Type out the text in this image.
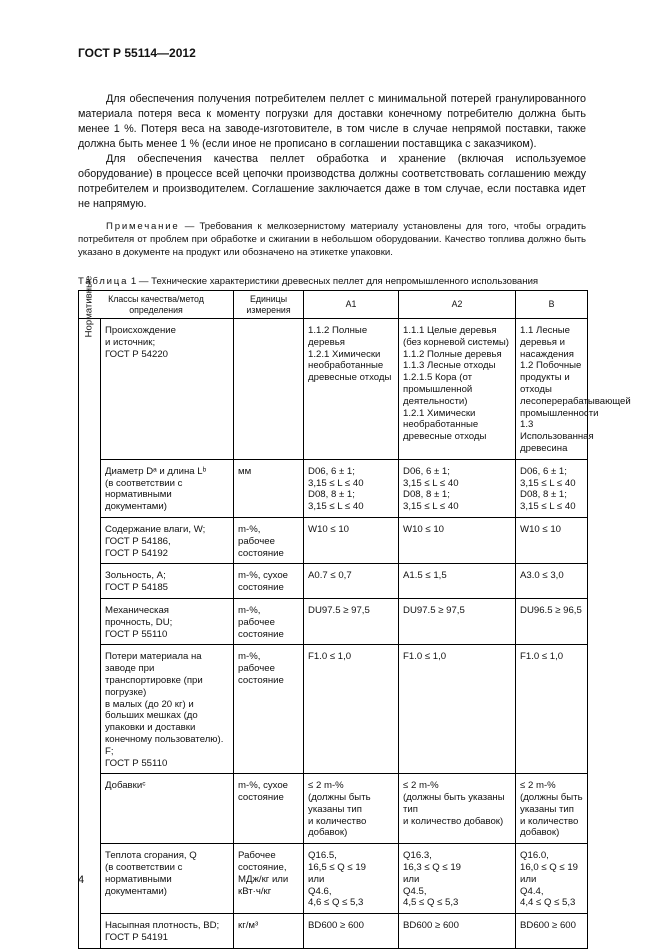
ГОСТ Р 55114—2012

Для обеспечения получения потребителем пеллет с минимальной потерей гранулированного материала потеря веса к моменту погрузки для доставки конечному потребителю должна быть менее 1 %. Потеря веса на заводе-изготовителе, в том числе в случае непрямой поставки, также должна быть менее 1 % (если иное не прописано в соглашении поставщика с заказчиком).

Для обеспечения качества пеллет обработка и хранение (включая используемое оборудование) в процессе всей цепочки производства должны соответствовать соглашению между потребителем и производителем. Соглашение заключается даже в том случае, если поставка идет не напрямую.

Примечание — Требования к мелкозернистому материалу установлены для того, чтобы оградить потребителя от проблем при обработке и сжигании в небольшом оборудовании. Качество топлива должно быть указано в документе на продукт или обозначено на этикетке упаковки.

Таблица 1 — Технические характеристики древесных пеллет для непромышленного использования
Классы качества/метод определения		Единицы измерения	А1	А2	В

Нормативные	Происхождение
и источник;
ГОСТ Р 54220		1.1.2 Полные деревья
1.2.1 Химически необработанные древесные отходы	1.1.1 Целые деревья (без корневой системы)
1.1.2 Полные деревья
1.1.3 Лесные отходы
1.2.1.5 Кора (от промышленной деятельности)
1.2.1 Химически необработанные древесные отходы	1.1 Лесные деревья и насаждения
1.2 Побочные продукты и отходы лесоперерабатывающей промышленности
1.3 Использованная древесина
	Диаметр Dᵃ и длина Lᵇ
(в соответствии с нормативными документами)	мм	D06, 6 ± 1;
3,15 ≤ L ≤ 40
D08, 8 ± 1;
3,15 ≤ L ≤ 40	D06, 6 ± 1;
3,15 ≤ L ≤ 40
D08, 8 ± 1;
3,15 ≤ L ≤ 40	D06, 6 ± 1;
3,15 ≤ L ≤ 40
D08, 8 ± 1;
3,15 ≤ L ≤ 40
	Содержание влаги, W;
ГОСТ Р 54186,
ГОСТ Р 54192	m-%,
рабочее
состояние	W10 ≤ 10	W10 ≤ 10	W10 ≤ 10
	Зольность, A;
ГОСТ Р 54185	m-%, сухое
состояние	A0.7 ≤ 0,7	A1.5 ≤ 1,5	A3.0 ≤ 3,0
	Механическая
прочность, DU;
ГОСТ Р 55110	m-%,
рабочее
состояние	DU97.5 ≥ 97,5	DU97.5 ≥ 97,5	DU96.5 ≥ 96,5
	Потери материала на заводе при транспортировке (при погрузке)
в малых (до 20 кг) и больших мешках (до упаковки и доставки конечному пользователю). F;
ГОСТ Р 55110	m-%,
рабочее
состояние	F1.0 ≤ 1,0	F1.0 ≤ 1,0	F1.0 ≤ 1,0
	Добавкиᶜ	m-%, сухое
состояние	≤ 2 m-%
(должны быть указаны тип
и количество добавок)	≤ 2 m-%
(должны быть указаны тип
и количество добавок)	≤ 2 m-%
(должны быть указаны тип
и количество добавок)
	Теплота сгорания, Q
(в соответствии с нормативными документами)	Рабочее
состояние,
МДж/кг или
кВт·ч/кг	Q16.5,
16,5 ≤ Q ≤ 19
или
Q4.6,
4,6 ≤ Q ≤ 5,3	Q16.3,
16,3 ≤ Q ≤ 19
или
Q4.5,
4,5 ≤ Q ≤ 5,3	Q16.0,
16,0 ≤ Q ≤ 19
или
Q4.4,
4,4 ≤ Q ≤ 5,3
	Насыпная плотность, BD;
ГОСТ Р 54191	кг/м³	BD600 ≥ 600	BD600 ≥ 600	BD600 ≥ 600
4
